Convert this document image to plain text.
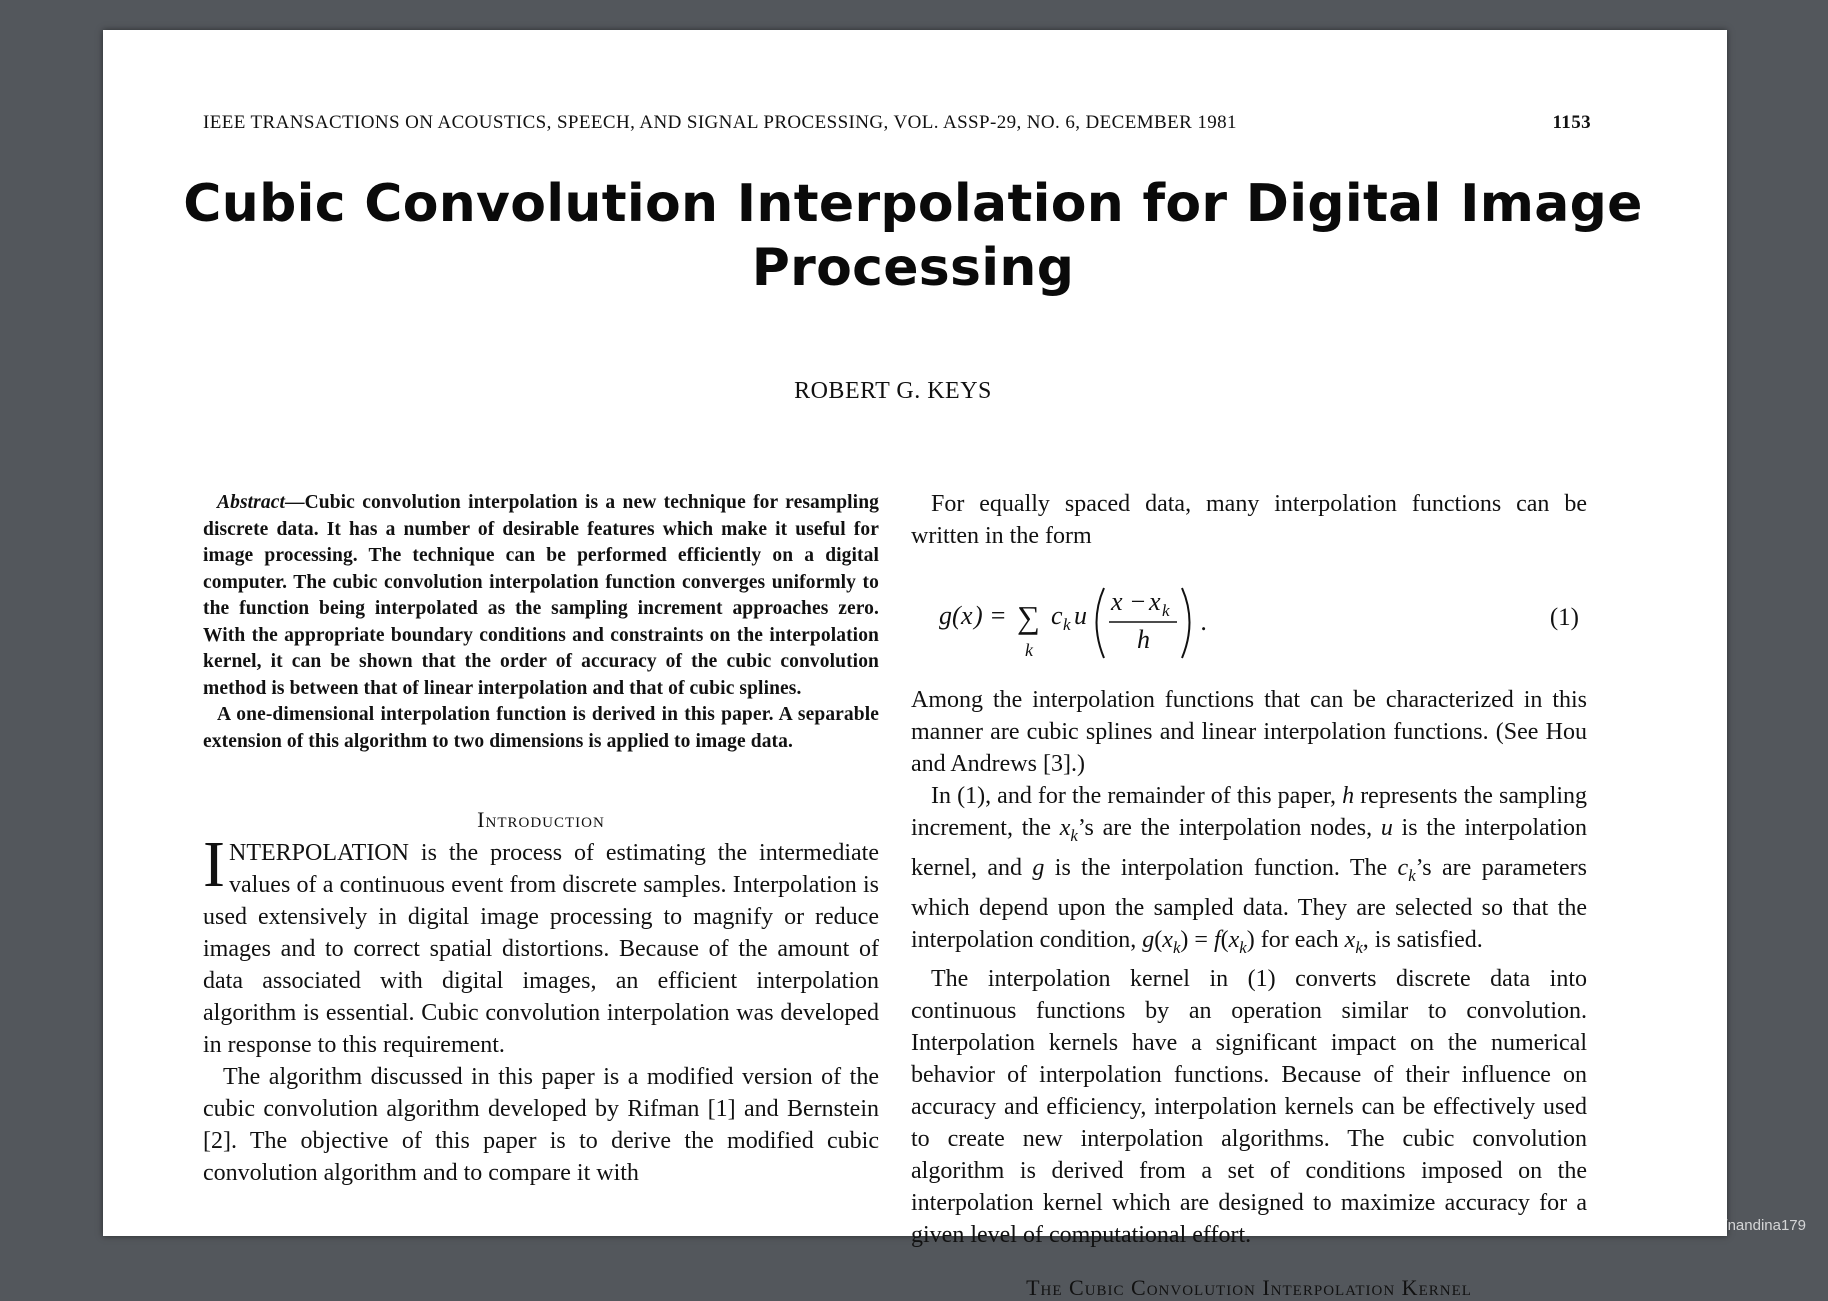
IEEE TRANSACTIONS ON ACOUSTICS, SPEECH, AND SIGNAL PROCESSING, VOL. ASSP-29, NO. 6, DECEMBER 1981	1153
Cubic Convolution Interpolation for Digital Image Processing
ROBERT G. KEYS

Abstract—Cubic convolution interpolation is a new technique for resampling discrete data. It has a number of desirable features which make it useful for image processing. The technique can be performed efficiently on a digital computer. The cubic convolution interpolation function converges uniformly to the function being interpolated as the sampling increment approaches zero. With the appropriate boundary conditions and constraints on the interpolation kernel, it can be shown that the order of accuracy of the cubic convolution method is between that of linear interpolation and that of cubic splines.

A one-dimensional interpolation function is derived in this paper. A separable extension of this algorithm to two dimensions is applied to image data.

Introduction

INTERPOLATION is the process of estimating the intermediate values of a continuous event from discrete samples. Interpolation is used extensively in digital image processing to magnify or reduce images and to correct spatial distortions. Because of the amount of data associated with digital images, an efficient interpolation algorithm is essential. Cubic convolution interpolation was developed in response to this requirement.

The algorithm discussed in this paper is a modified version of the cubic convolution algorithm developed by Rifman [1] and Bernstein [2]. The objective of this paper is to derive the modified cubic convolution algorithm and to compare it with

For equally spaced data, many interpolation functions can be written in the form

g ( x ) = ∑
k
c k u x − x k
h
.	(1)

Among the interpolation functions that can be characterized in this manner are cubic splines and linear interpolation functions. (See Hou and Andrews [3].)

In (1), and for the remainder of this paper, h represents the sampling increment, the $x_k’s$ are the interpolation nodes, u is the interpolation kernel, and g is the interpolation function. The $c_k’s$ are parameters which depend upon the sampled data. They are selected so that the interpolation condition, $g(x_k) = f(x_k)$ for each $x_k$, is satisfied.

The interpolation kernel in (1) converts discrete data into continuous functions by an operation similar to convolution. Interpolation kernels have a significant impact on the numerical behavior of interpolation functions. Because of their influence on accuracy and efficiency, interpolation kernels can be effectively used to create new interpolation algorithms. The cubic convolution algorithm is derived from a set of conditions imposed on the interpolation kernel which are designed to maximize accuracy for a given level of computational effort.

The Cubic Convolution Interpolation Kernel
https://blog.csdn.net/nandina179
